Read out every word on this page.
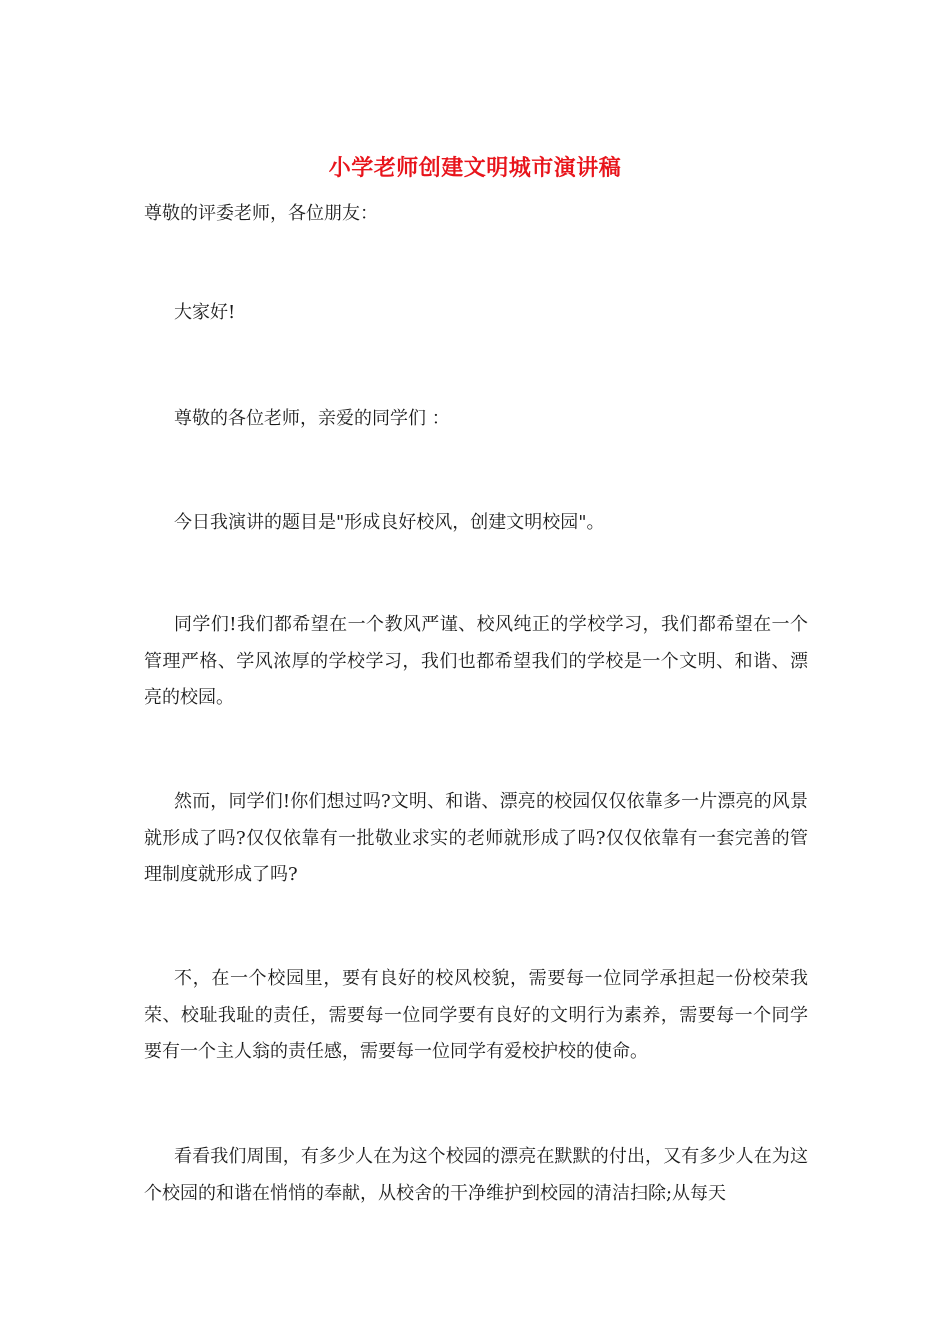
小学老师创建文明城市演讲稿

尊敬的评委老师，各位朋友：

大家好!

尊敬的各位老师，亲爱的同学们 ：

今日我演讲的题目是"形成良好校风，创建文明校园"。

同学们!我们都希望在一个教风严谨、校风纯正的学校学习，我们都希望在一个管理严格、学风浓厚的学校学习，我们也都希望我们的学校是一个文明、和谐、漂亮的校园。

然而，同学们!你们想过吗?文明、和谐、漂亮的校园仅仅依靠多一片漂亮的风景就形成了吗?仅仅依靠有一批敬业求实的老师就形成了吗?仅仅依靠有一套完善的管理制度就形成了吗?

不，在一个校园里，要有良好的校风校貌，需要每一位同学承担起一份校荣我荣、校耻我耻的责任，需要每一位同学要有良好的文明行为素养，需要每一个同学要有一个主人翁的责任感，需要每一位同学有爱校护校的使命。

看看我们周围，有多少人在为这个校园的漂亮在默默的付出，又有多少人在为这个校园的和谐在悄悄的奉献，从校舍的干净维护到校园的清洁扫除;从每天
